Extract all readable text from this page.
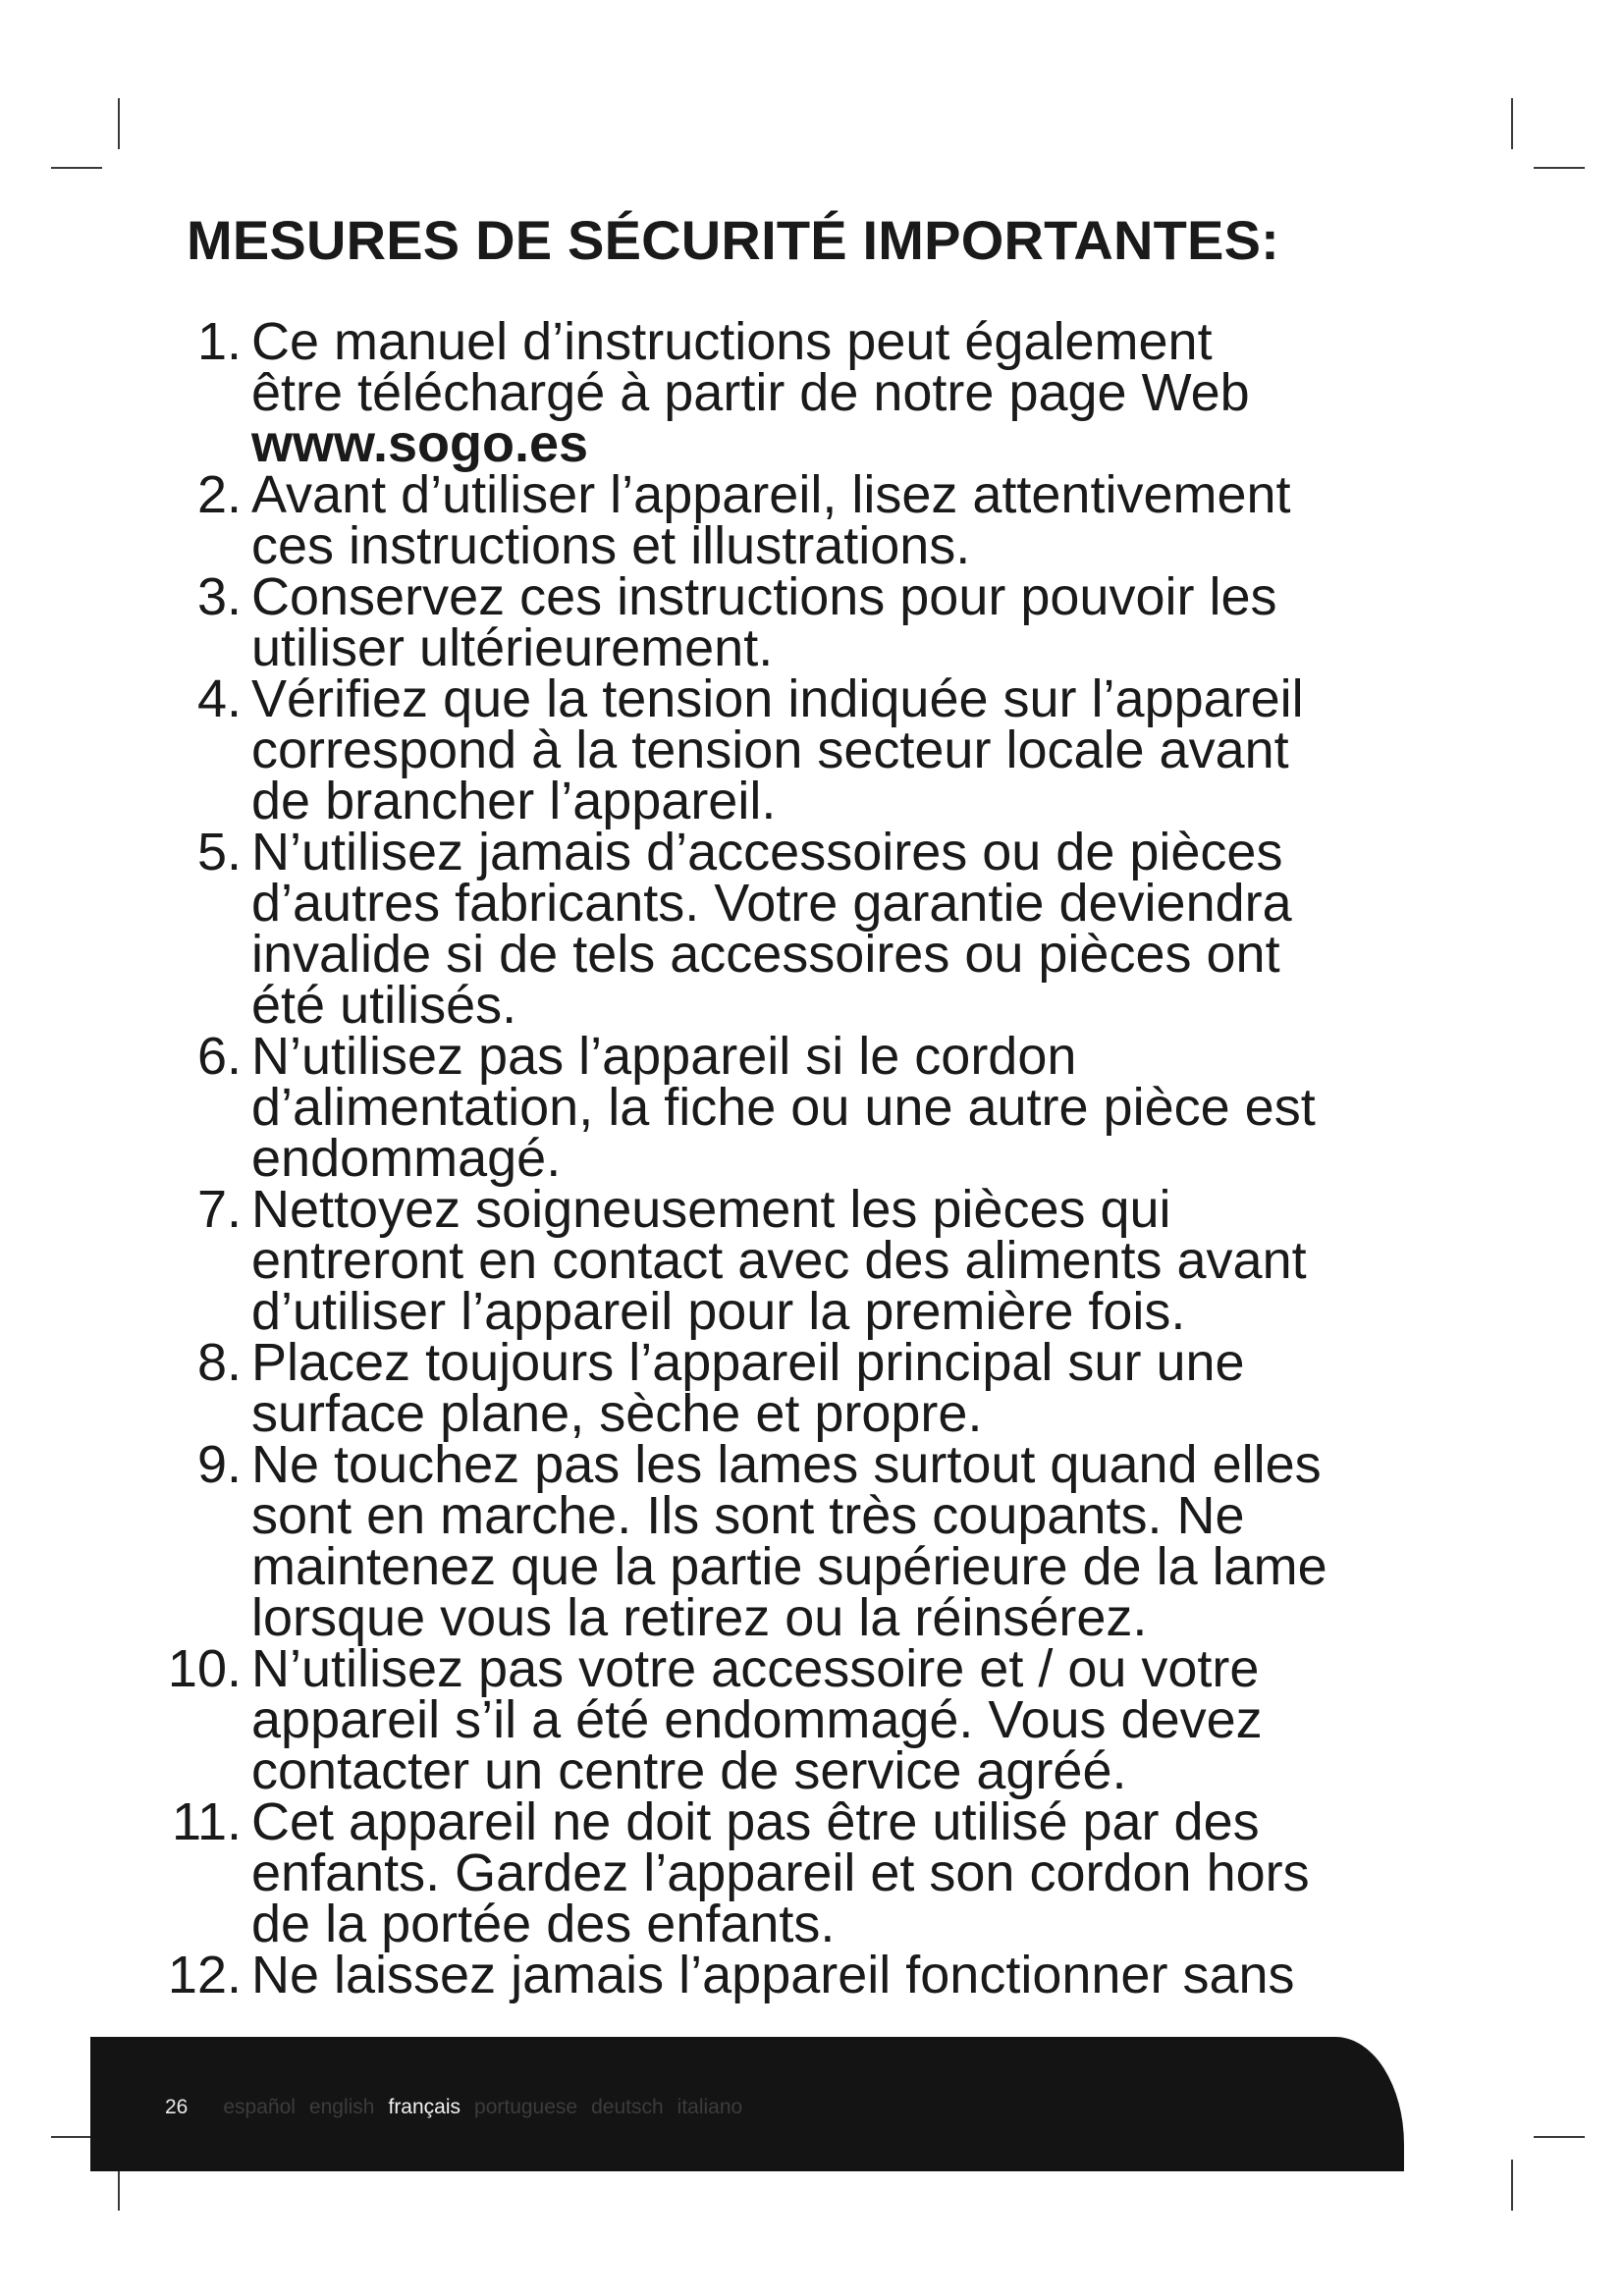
MESURES DE SÉCURITÉ IMPORTANTES:
1. Ce manuel d’instructions peut également
être téléchargé à partir de notre page Web
www.sogo.es
2. Avant d’utiliser l’appareil, lisez attentivement
ces instructions et illustrations.
3. Conservez ces instructions pour pouvoir les
utiliser ultérieurement.
4. Vérifiez que la tension indiquée sur l’appareil
correspond à la tension secteur locale avant
de brancher l’appareil.
5. N’utilisez jamais d’accessoires ou de pièces
d’autres fabricants. Votre garantie deviendra
invalide si de tels accessoires ou pièces ont
été utilisés.
6. N’utilisez pas l’appareil si le cordon
d’alimentation, la fiche ou une autre pièce est
endommagé.
7. Nettoyez soigneusement les pièces qui
entreront en contact avec des aliments avant
d’utiliser l’appareil pour la première fois.
8. Placez toujours l’appareil principal sur une
surface plane, sèche et propre.
9. Ne touchez pas les lames surtout quand elles
sont en marche. Ils sont très coupants. Ne
maintenez que la partie supérieure de la lame
lorsque vous la retirez ou la réinsérez.
10. N’utilisez pas votre accessoire et / ou votre
appareil s’il a été endommagé. Vous devez
contacter un centre de service agréé.
11. Cet appareil ne doit pas être utilisé par des
enfants. Gardez l’appareil et son cordon hors
de la portée des enfants.
12. Ne laissez jamais l’appareil fonctionner sans
26 español english français portuguese deutsch italiano
